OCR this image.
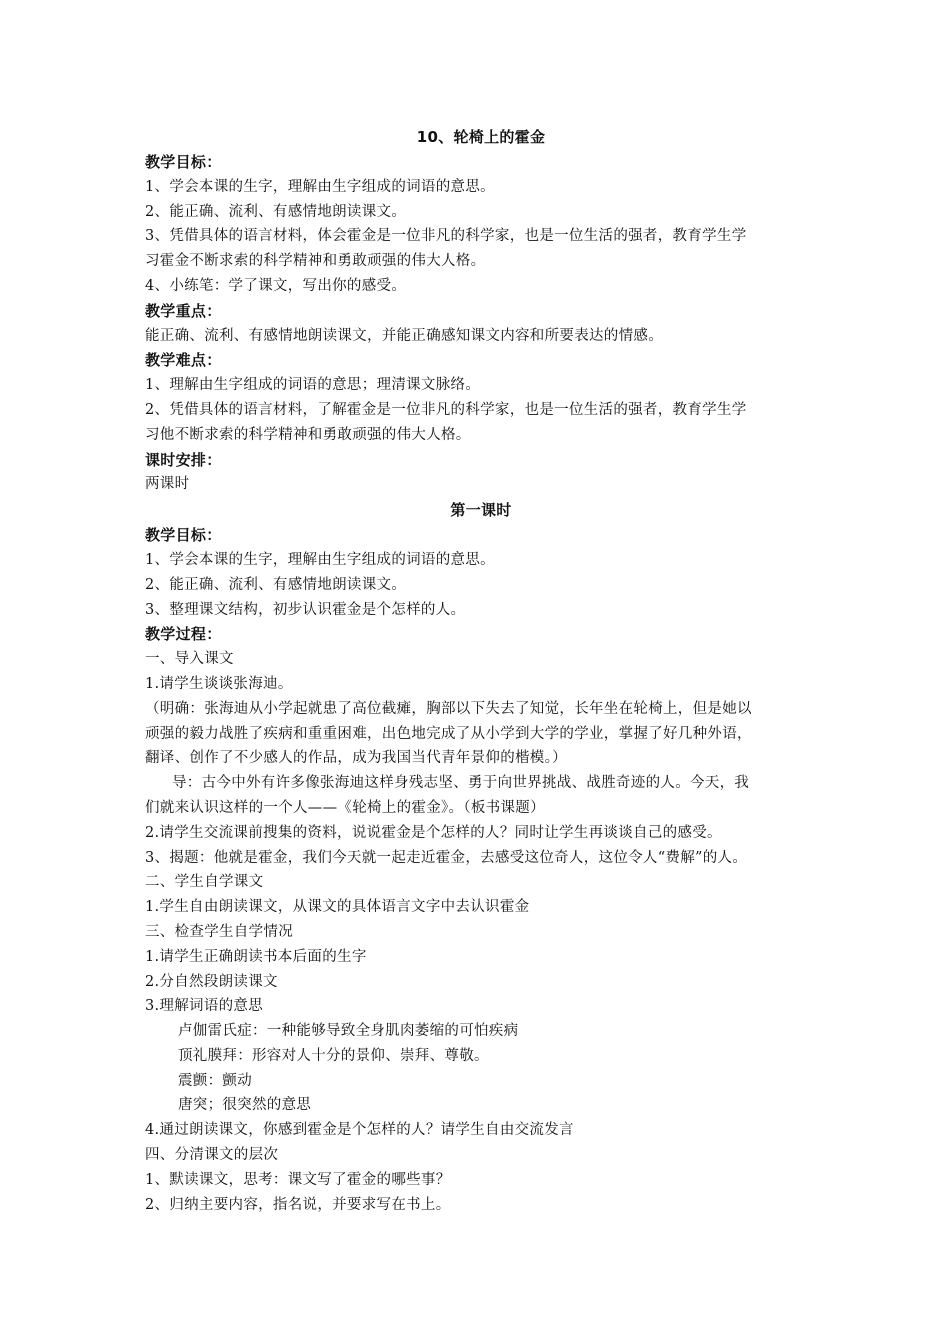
10、轮椅上的霍金
教学目标：
1、学会本课的生字，理解由生字组成的词语的意思。
2、能正确、流利、有感情地朗读课文。
3、凭借具体的语言材料，体会霍金是一位非凡的科学家，也是一位生活的强者，教育学生学
习霍金不断求索的科学精神和勇敢顽强的伟大人格。
4、小练笔：学了课文，写出你的感受。
教学重点：
能正确、流利、有感情地朗读课文，并能正确感知课文内容和所要表达的情感。
教学难点：
1、理解由生字组成的词语的意思；理清课文脉络。
2、凭借具体的语言材料，了解霍金是一位非凡的科学家，也是一位生活的强者，教育学生学
习他不断求索的科学精神和勇敢顽强的伟大人格。
课时安排：
两课时
第一课时
教学目标：
1、学会本课的生字，理解由生字组成的词语的意思。
2、能正确、流利、有感情地朗读课文。
3、整理课文结构，初步认识霍金是个怎样的人。
教学过程：
一、导入课文
1.请学生谈谈张海迪。
（明确：张海迪从小学起就患了高位截瘫，胸部以下失去了知觉，长年坐在轮椅上，但是她以
顽强的毅力战胜了疾病和重重困难，出色地完成了从小学到大学的学业，掌握了好几种外语，
翻译、创作了不少感人的作品，成为我国当代青年景仰的楷模。）
导：古今中外有许多像张海迪这样身残志坚、勇于向世界挑战、战胜奇迹的人。今天，我
们就来认识这样的一个人——《轮椅上的霍金》。（板书课题）
2.请学生交流课前搜集的资料，说说霍金是个怎样的人？同时让学生再谈谈自己的感受。
3、揭题：他就是霍金，我们今天就一起走近霍金，去感受这位奇人，这位令人“费解”的人。
二、学生自学课文
1.学生自由朗读课文，从课文的具体语言文字中去认识霍金
三、检查学生自学情况
1.请学生正确朗读书本后面的生字
2.分自然段朗读课文
3.理解词语的意思
卢伽雷氏症：一种能够导致全身肌肉萎缩的可怕疾病
顶礼膜拜：形容对人十分的景仰、崇拜、尊敬。
震颤：颤动
唐突；很突然的意思
4.通过朗读课文，你感到霍金是个怎样的人？请学生自由交流发言
四、分清课文的层次
1、默读课文，思考：课文写了霍金的哪些事？
2、归纳主要内容，指名说，并要求写在书上。
